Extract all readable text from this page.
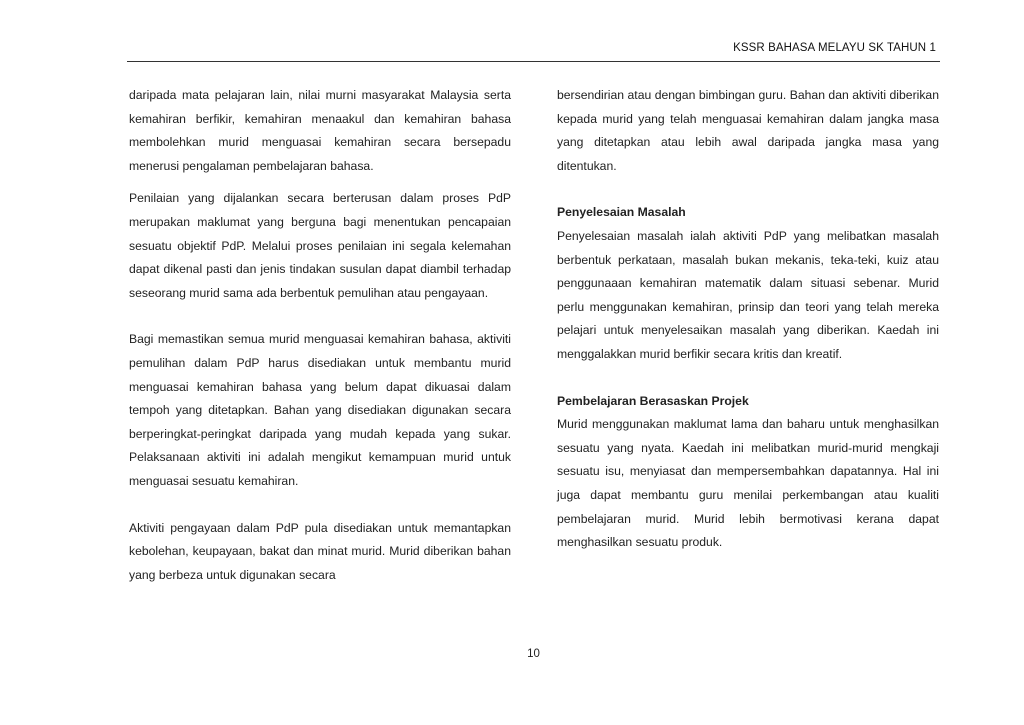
KSSR BAHASA MELAYU SK TAHUN 1

daripada mata pelajaran lain, nilai murni masyarakat Malaysia serta kemahiran berfikir, kemahiran menaakul dan kemahiran bahasa membolehkan murid menguasai kemahiran secara bersepadu menerusi pengalaman pembelajaran bahasa.

Penilaian yang dijalankan secara berterusan dalam proses PdP merupakan maklumat yang berguna bagi menentukan pencapaian sesuatu objektif PdP. Melalui proses penilaian ini segala kelemahan dapat dikenal pasti dan jenis tindakan susulan dapat diambil terhadap seseorang murid sama ada berbentuk pemulihan atau pengayaan.

Bagi memastikan semua murid menguasai kemahiran bahasa, aktiviti pemulihan dalam PdP harus disediakan untuk membantu murid menguasai kemahiran bahasa yang belum dapat dikuasai dalam tempoh yang ditetapkan. Bahan yang disediakan digunakan secara berperingkat-peringkat daripada yang mudah kepada yang sukar. Pelaksanaan aktiviti ini adalah mengikut kemampuan murid untuk menguasai sesuatu kemahiran.

Aktiviti pengayaan dalam PdP pula disediakan untuk memantapkan kebolehan, keupayaan, bakat dan minat murid. Murid diberikan bahan yang berbeza untuk digunakan secara

bersendirian atau dengan bimbingan guru. Bahan dan aktiviti diberikan kepada murid yang telah menguasai kemahiran dalam jangka masa yang ditetapkan atau lebih awal daripada jangka masa yang ditentukan.

Penyelesaian Masalah

Penyelesaian masalah ialah aktiviti PdP yang melibatkan masalah berbentuk perkataan, masalah bukan mekanis, teka-teki, kuiz atau penggunaaan kemahiran matematik dalam situasi sebenar. Murid perlu menggunakan kemahiran, prinsip dan teori yang telah mereka pelajari untuk menyelesaikan masalah yang diberikan. Kaedah ini menggalakkan murid berfikir secara kritis dan kreatif.

Pembelajaran Berasaskan Projek

Murid menggunakan maklumat lama dan baharu untuk menghasilkan sesuatu yang nyata. Kaedah ini melibatkan murid-murid mengkaji sesuatu isu, menyiasat dan mempersembahkan dapatannya. Hal ini juga dapat membantu guru menilai perkembangan atau kualiti pembelajaran murid. Murid lebih bermotivasi kerana dapat menghasilkan sesuatu produk.

10
